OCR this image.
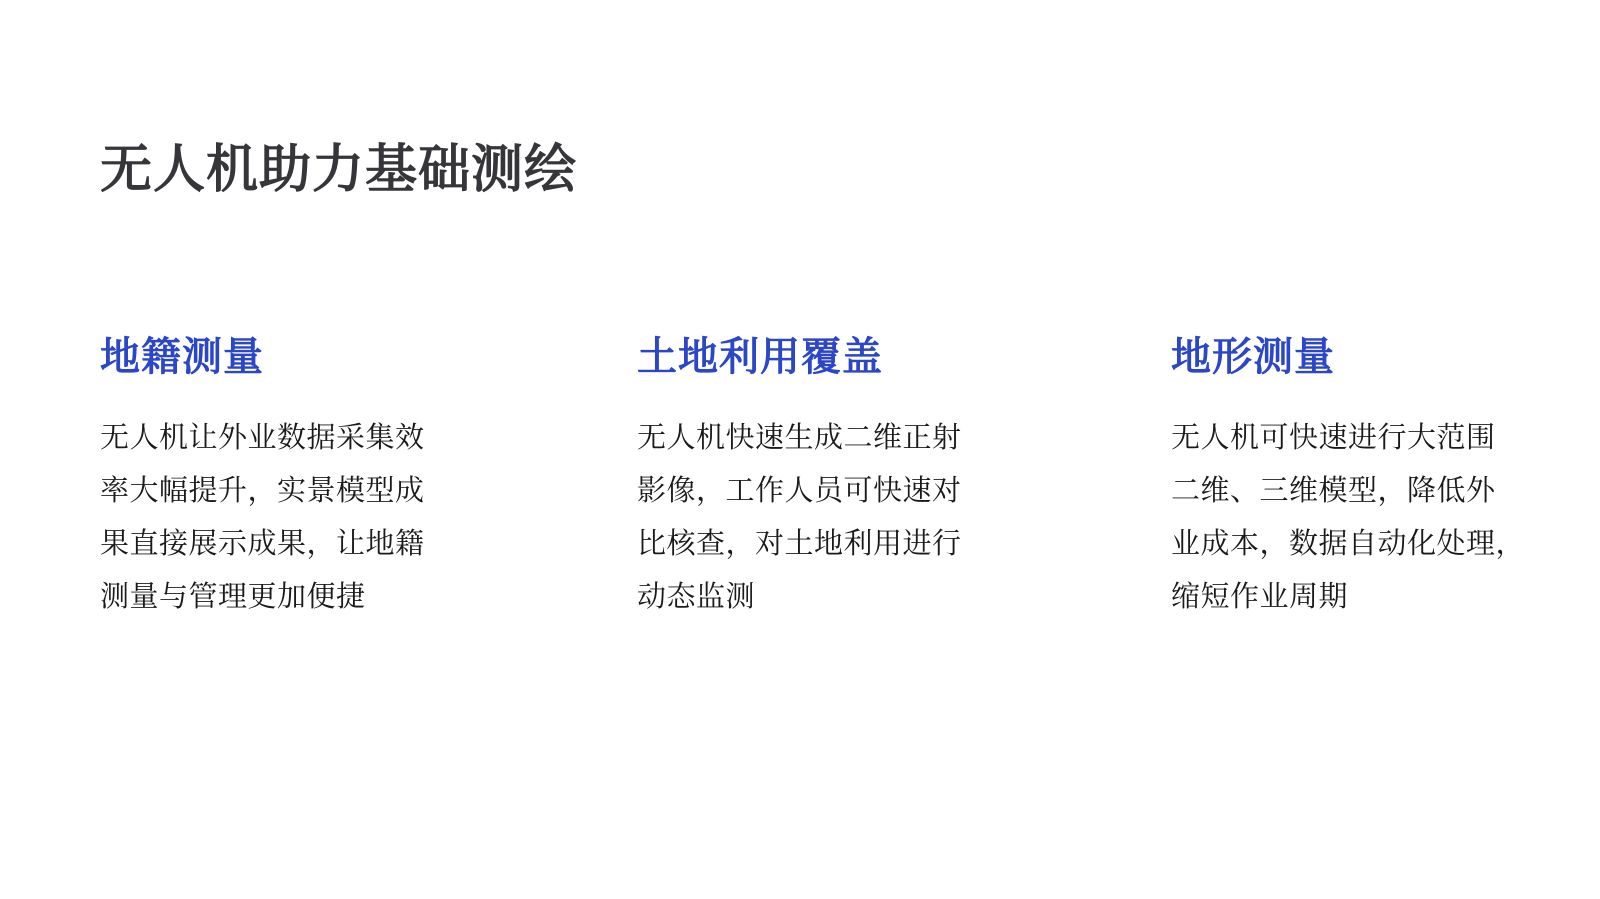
无人机助力基础测绘
地籍测量
无人机让外业数据采集效
率大幅提升，实景模型成
果直接展示成果，让地籍
测量与管理更加便捷
土地利用覆盖
无人机快速生成二维正射
影像，工作人员可快速对
比核查，对土地利用进行
动态监测
地形测量
无人机可快速进行大范围
二维、三维模型，降低外
业成本，数据自动化处理，
缩短作业周期
